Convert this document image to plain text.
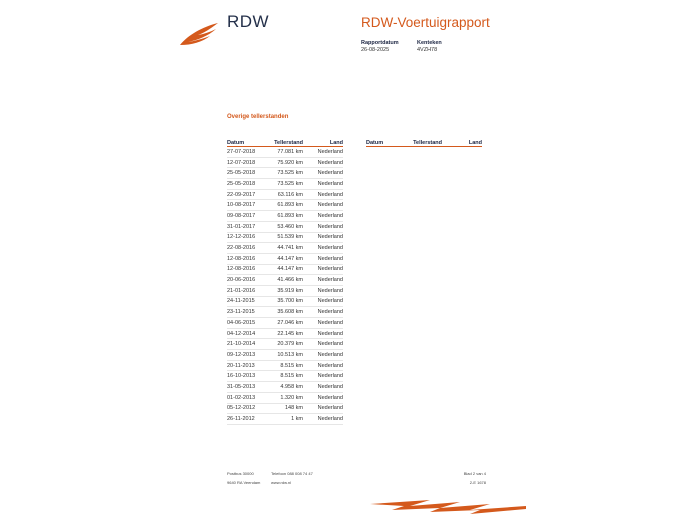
RDW	RDW-Voertuigrapport
Rapportdatum
26-08-2025
Kenteken
4VZH78
Overige tellerstanden
Datum	Tellerstand	Land
27-07-2018	77.081 km	Nederland
12-07-2018	75.920 km	Nederland
25-05-2018	73.525 km	Nederland
25-05-2018	73.525 km	Nederland
22-09-2017	63.116 km	Nederland
10-08-2017	61.893 km	Nederland
09-08-2017	61.893 km	Nederland
31-01-2017	53.460 km	Nederland
12-12-2016	51.539 km	Nederland
22-08-2016	44.741 km	Nederland
12-08-2016	44.147 km	Nederland
12-08-2016	44.147 km	Nederland
20-06-2016	41.466 km	Nederland
21-01-2016	35.919 km	Nederland
24-11-2015	35.700 km	Nederland
23-11-2015	35.608 km	Nederland
04-06-2015	27.046 km	Nederland
04-12-2014	22.145 km	Nederland
21-10-2014	20.379 km	Nederland
09-12-2013	10.513 km	Nederland
20-11-2013	8.515 km	Nederland
16-10-2013	8.515 km	Nederland
31-05-2013	4.958 km	Nederland
01-02-2013	1.320 km	Nederland
05-12-2012	148 km	Nederland
26-11-2012	1 km	Nederland
Datum	Tellerstand	Land
Postbus 30000
9640 RA Veendam
Telefoon 088 008 74 47
www.rdw.nl
Blad 2 van 4
2-E 1678
